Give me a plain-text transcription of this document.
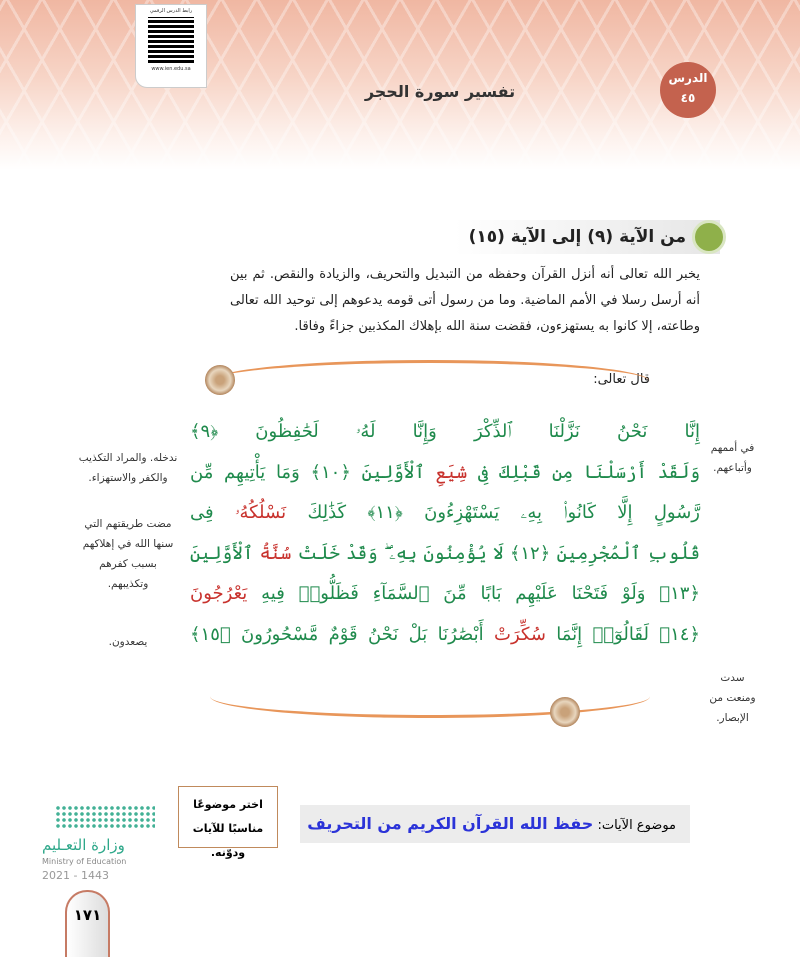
رابط الدرس الرقمي
www.ien.edu.sa
الدرس
٤٥
تفسير سورة الحجر
من الآية (٩) إلى الآية (١٥)
يخبر الله تعالى أنه أنزل القرآن وحفظه من التبديل والتحريف، والزيادة والنقص. ثم بين أنه أرسل رسلا في الأمم الماضية. وما من رسول أتى قومه يدعوهم إلى توحيد الله تعالى وطاعته، إلا كانوا به يستهزءون، فقضت سنة الله بإهلاك المكذبين جزاءً وفاقا.
قال تعالى:
إِنَّا نَحْنُ نَزَّلْنَا ٱلذِّكْرَ وَإِنَّا لَهُۥ لَحَٰفِظُونَ ﴿٩﴾
وَلَقَدْ أَرْسَلْنَا مِن قَبْلِكَ فِى شِيَعِ ٱلْأَوَّلِينَ ﴿١٠﴾ وَمَا يَأْتِيهِم مِّن
رَّسُولٍ إِلَّا كَانُوا۟ بِهِۦ يَسْتَهْزِءُونَ ﴿١١﴾ كَذَٰلِكَ نَسْلُكُهُۥ فِى
قُلُوبِ ٱلْمُجْرِمِينَ ﴿١٢﴾ لَا يُؤْمِنُونَ بِهِۦ ۖ وَقَدْ خَلَتْ سُنَّةُ ٱلْأَوَّلِينَ
﴿١٣﴾ وَلَوْ فَتَحْنَا عَلَيْهِم بَابًا مِّنَ ٱلسَّمَآءِ فَظَلُّوا۟ فِيهِ يَعْرُجُونَ
﴿١٤﴾ لَقَالُوٓا۟ إِنَّمَا سُكِّرَتْ أَبْصَٰرُنَا بَلْ نَحْنُ قَوْمٌ مَّسْحُورُونَ ﴿١٥﴾
ندخله. والمراد التكذيب والكفر والاستهزاء.
مضت طريقتهم التي سنها الله في إهلاكهم بسبب كفرهم وتكذيبهم.
يصعدون.
في أممهم وأتباعهم.
سدت ومنعت من الإبصار.
موضوع الآيات: حفظ الله القرآن الكريم من التحريف
اختر موضوعًا مناسبًا للآيات ودوّنه.
وزارة التعـليم
Ministry of Education
2021 - 1443
١٧١
